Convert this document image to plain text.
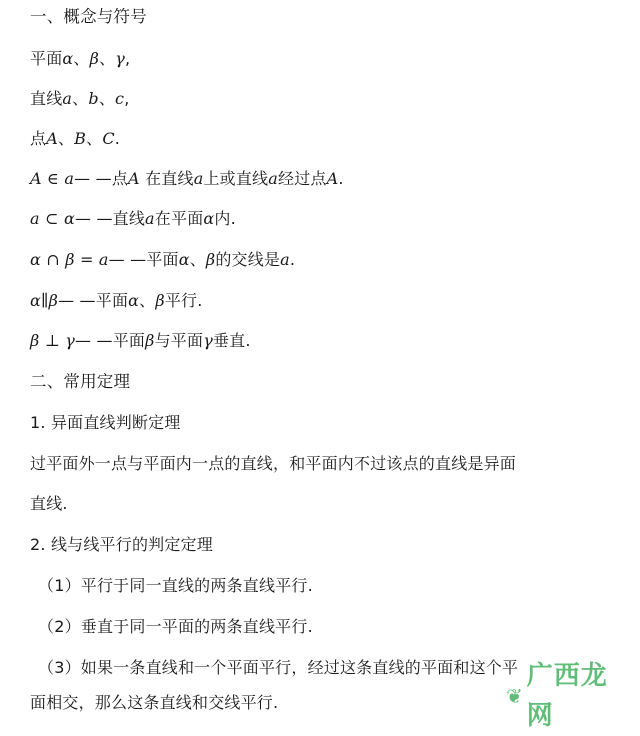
一、概念与符号
平面α、β、γ,
直线a、b、c,
点A、B、C.
A ∈ a— —点A 在直线a上或直线a经过点A.
a ⊂ α— —直线a在平面α内.
α ∩ β = a— —平面α、β的交线是a.
α∥β— —平面α、β平行.
β ⊥ γ— —平面β与平面γ垂直.
二、常用定理
1. 异面直线判断定理
过平面外一点与平面内一点的直线，和平面内不过该点的直线是异面
直线.
2. 线与线平行的判定定理
（1）平行于同一直线的两条直线平行.
（2）垂直于同一平面的两条直线平行.
（3）如果一条直线和一个平面平行，经过这条直线的平面和这个平
面相交，那么这条直线和交线平行.	❦
广西龙网
